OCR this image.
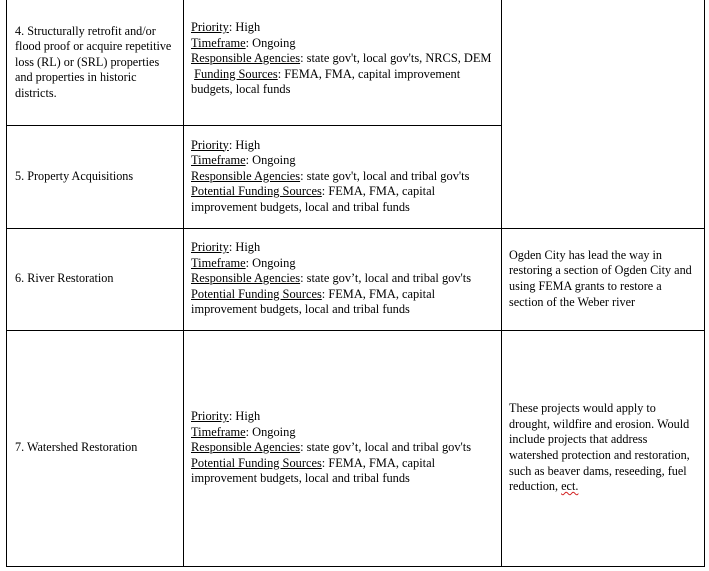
4. Structurally retrofit and/or flood proof or acquire repetitive loss (RL) or (SRL) properties and properties in historic districts.	Priority: High
Timeframe: Ongoing
Responsible Agencies: state gov't, local gov'ts, NRCS, DEM
Funding Sources: FEMA, FMA, capital improvement budgets, local funds	

5. Property Acquisitions	Priority: High
Timeframe: Ongoing
Responsible Agencies: state gov't, local and tribal gov'ts
Potential Funding Sources: FEMA, FMA, capital improvement budgets, local and tribal funds	

6. River Restoration	Priority: High
Timeframe: Ongoing
Responsible Agencies: state gov’t, local and tribal gov'ts
Potential Funding Sources: FEMA, FMA, capital improvement budgets, local and tribal funds	Ogden City has lead the way in restoring a section of Ogden City and using FEMA grants to restore a section of the Weber river
7. Watershed Restoration	Priority: High
Timeframe: Ongoing
Responsible Agencies: state gov’t, local and tribal gov'ts
Potential Funding Sources: FEMA, FMA, capital improvement budgets, local and tribal funds	These projects would apply to drought, wildfire and erosion. Would include projects that address watershed protection and restoration, such as beaver dams, reseeding, fuel reduction, ect.
